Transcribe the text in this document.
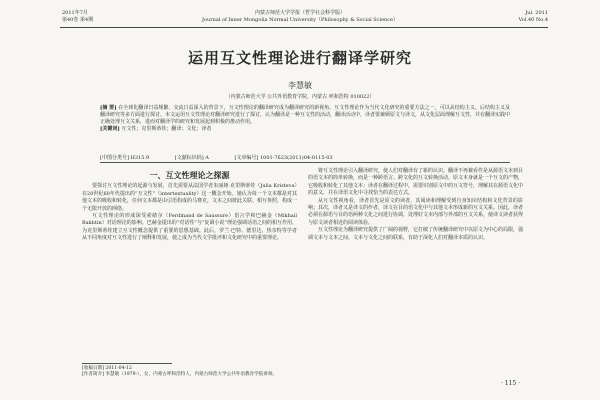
2011年7月
第40卷 第4期
内蒙古师范大学学报（哲学社会科学版）
Journal of Inner Mongolia Normal University（Philosophy & Social Science）
Jul. 2011
Vol.40 No.4
运用互文性理论进行翻译学研究
李慧敏
（内蒙古师范大学 公共外语教育学院，内蒙古 呼和浩特 010022）
[摘 要] 在全球化翻译日益频繁、交流日益深入的背景下，互文性理论的翻译研究成为翻译研究的新视角。互文性理论作为当代文化研究的重要方法之一，可以从结构主义、后结构主义及翻译研究等多方面进行探讨。本文运用互文性理论对翻译研究进行了探讨，认为翻译是一种互文性的活动，翻译活动中，译者要兼顾原文与译文，从文化层面理解互文性，并在翻译实践中正确处理互文关系，进而对翻译学的研究和发展起到积极的推动作用。
[关键词] 互文性；克里斯蒂娃；翻译；文化；译者
[中图分类号] H315.9	[文献标识码] A	[文章编号] 1001-7623(2011)04-0115-03
一、互文性理论之探源

要探讨互文性理论的起源与发展，首先需要从法国学者朱丽娅·克里斯蒂娃（Julia Kristeva）在20世纪60年代提出的“互文性”（intertextuality）这一概念开始。她认为每一个文本都是对其他文本的吸收和转化，任何文本都是由引语构成的马赛克，文本之间彼此关联、相互参照，构成一个无限开放的网络。

互文性理论的形成深受索绪尔（Ferdinand de Saussure）语言学和巴赫金（Mikhail Bakhtin）对话理论的影响。巴赫金提出的“对话性”与“复调小说”理论强调话语之间的相互作用，为克里斯蒂娃建立互文性概念提供了重要的思想基础。此后，罗兰·巴特、德里达、热奈特等学者从不同角度对互文性进行了阐释和发展，使之成为当代文学批评和文化研究中的重要理论。

将互文性理论引入翻译研究，使人们对翻译有了新的认识。翻译不再被看作是从源语文本到目的语文本的简单转换，而是一种跨语言、跨文化的互文转换活动。原文本身就是一个互文的产物，它吸收和转化了其他文本；译者在翻译过程中，需要识别原文中的互文符号，理解其在源语文化中的意义，并在译语文化中寻找恰当的表达方式。

从互文性视角看，译者首先是原文的读者，其阅读和理解受到自身知识结构和文化背景的影响；其次，译者又是译文的作者，译文在目的语文化中与其他文本形成新的互文关系。因此，译者必须在源语与目的语两种文化之间进行协调，处理好文本内部与外部的互文关系，使译文读者获得与原文读者相近的阅读体验。

互文性理论为翻译研究提供了广阔的视野，它打破了传统翻译研究中以原文为中心的局限，强调文本与文本之间、文本与文化之间的联系，有助于深化人们对翻译本质的认识。

[收稿日期] 2011-04-12
[作者简介] 李慧敏（1979-），女，内蒙古呼和浩特人，内蒙古师范大学公共外语教育学院讲师。
· 115 ·
